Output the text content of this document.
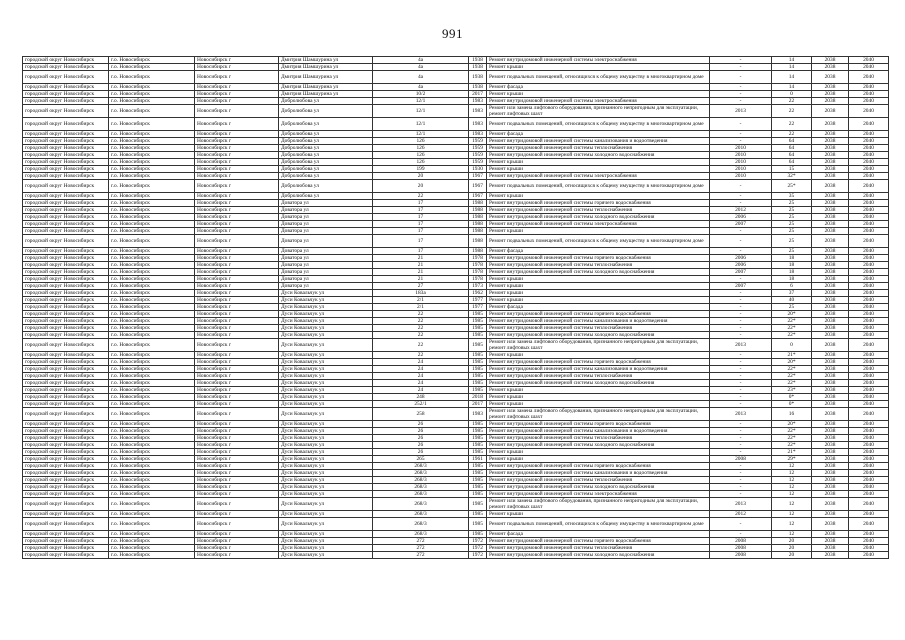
991
городской округ Новосибирск	г.о. Новосибирск	Новосибирск г	Дмитрия Шамшурина ул	4а	1938	Ремонт внутридомовой инженерной системы электроснабжения	-	14	2038	2040
городской округ Новосибирск	г.о. Новосибирск	Новосибирск г	Дмитрия Шамшурина ул	4а	1938	Ремонт крыши	-	14	2038	2040
городской округ Новосибирск	г.о. Новосибирск	Новосибирск г	Дмитрия Шамшурина ул	4а	1938	Ремонт подвальных помещений, относящихся к общему имуществу в многоквартирном доме	-	14	2038	2040
городской округ Новосибирск	г.о. Новосибирск	Новосибирск г	Дмитрия Шамшурина ул	4а	1938	Ремонт фасада	-	14	2038	2040
городской округ Новосибирск	г.о. Новосибирск	Новосибирск г	Дмитрия Шамшурина ул	10/2	2017	Ремонт крыши	-	0	2038	2040
городской округ Новосибирск	г.о. Новосибирск	Новосибирск г	Добролюбова ул	12/1	1983	Ремонт внутридомовой инженерной системы электроснабжения	-	22	2038	2040
городской округ Новосибирск	г.о. Новосибирск	Новосибирск г	Добролюбова ул	12/1	1983	Ремонт или замена лифтового оборудования, признанного непригодным для эксплуатации, ремонт лифтовых шахт	2013	22	2038	2040
городской округ Новосибирск	г.о. Новосибирск	Новосибирск г	Добролюбова ул	12/1	1983	Ремонт подвальных помещений, относящихся к общему имуществу в многоквартирном доме	-	22	2038	2040
городской округ Новосибирск	г.о. Новосибирск	Новосибирск г	Добролюбова ул	12/1	1983	Ремонт фасада	-	22	2038	2040
городской округ Новосибирск	г.о. Новосибирск	Новосибирск г	Добролюбова ул	126	1959	Ремонт внутридомовой инженерной системы канализования и водоотведения	-	64	2038	2040
городской округ Новосибирск	г.о. Новосибирск	Новосибирск г	Добролюбова ул	126	1959	Ремонт внутридомовой инженерной системы теплоснабжения	2010	64	2038	2040
городской округ Новосибирск	г.о. Новосибирск	Новосибирск г	Добролюбова ул	126	1959	Ремонт внутридомовой инженерной системы холодного водоснабжения	2010	64	2038	2040
городской округ Новосибирск	г.о. Новосибирск	Новосибирск г	Добролюбова ул	126	1959	Ремонт крыши	2010	64	2038	2040
городской округ Новосибирск	г.о. Новосибирск	Новосибирск г	Добролюбова ул	199	1930	Ремонт крыши	2010	15	2038	2040
городской округ Новосибирск	г.о. Новосибирск	Новосибирск г	Добролюбова ул	20	1967	Ремонт внутридомовой инженерной системы электроснабжения	2010	32*	2038	2040
городской округ Новосибирск	г.о. Новосибирск	Новосибирск г	Добролюбова ул	20	1967	Ремонт подвальных помещений, относящихся к общему имуществу в многоквартирном доме	-	25*	2038	2040
городской округ Новосибирск	г.о. Новосибирск	Новосибирск г	Добролюбова ул	22	1967	Ремонт крыши	-	35	2038	2040
городской округ Новосибирск	г.о. Новосибирск	Новосибирск г	Доватора ул	17	1988	Ремонт внутридомовой инженерной системы горячего водоснабжения	-	25	2038	2040
городской округ Новосибирск	г.о. Новосибирск	Новосибирск г	Доватора ул	17	1988	Ремонт внутридомовой инженерной системы теплоснабжения	2012	25	2038	2040
городской округ Новосибирск	г.о. Новосибирск	Новосибирск г	Доватора ул	17	1988	Ремонт внутридомовой инженерной системы холодного водоснабжения	2006	25	2038	2040
городской округ Новосибирск	г.о. Новосибирск	Новосибирск г	Доватора ул	17	1988	Ремонт внутридомовой инженерной системы электроснабжения	2007	25	2038	2040
городской округ Новосибирск	г.о. Новосибирск	Новосибирск г	Доватора ул	17	1988	Ремонт крыши	-	25	2038	2040
городской округ Новосибирск	г.о. Новосибирск	Новосибирск г	Доватора ул	17	1988	Ремонт подвальных помещений, относящихся к общему имуществу в многоквартирном доме	-	25	2038	2040
городской округ Новосибирск	г.о. Новосибирск	Новосибирск г	Доватора ул	17	1988	Ремонт фасада	-	25	2038	2040
городской округ Новосибирск	г.о. Новосибирск	Новосибирск г	Доватора ул	21	1978	Ремонт внутридомовой инженерной системы горячего водоснабжения	2006	18	2038	2040
городской округ Новосибирск	г.о. Новосибирск	Новосибирск г	Доватора ул	21	1978	Ремонт внутридомовой инженерной системы теплоснабжения	2006	18	2038	2040
городской округ Новосибирск	г.о. Новосибирск	Новосибирск г	Доватора ул	21	1978	Ремонт внутридомовой инженерной системы холодного водоснабжения	2007	18	2038	2040
городской округ Новосибирск	г.о. Новосибирск	Новосибирск г	Доватора ул	21	1978	Ремонт крыши	-	18	2038	2040
городской округ Новосибирск	г.о. Новосибирск	Новосибирск г	Доватора ул	27	1973	Ремонт крыши	2007	6	2038	2040
городской округ Новосибирск	г.о. Новосибирск	Новосибирск г	Дуси Ковальчук ул	183а	1962	Ремонт крыши	-	37	2038	2040
городской округ Новосибирск	г.о. Новосибирск	Новосибирск г	Дуси Ковальчук ул	2/1	1977	Ремонт крыши	-	40	2038	2040
городской округ Новосибирск	г.о. Новосибирск	Новосибирск г	Дуси Ковальчук ул	2/1	1977	Ремонт фасада	-	25	2038	2040
городской округ Новосибирск	г.о. Новосибирск	Новосибирск г	Дуси Ковальчук ул	22	1985	Ремонт внутридомовой инженерной системы горячего водоснабжения	-	20*	2038	2040
городской округ Новосибирск	г.о. Новосибирск	Новосибирск г	Дуси Ковальчук ул	22	1985	Ремонт внутридомовой инженерной системы канализования и водоотведения	-	22*	2038	2040
городской округ Новосибирск	г.о. Новосибирск	Новосибирск г	Дуси Ковальчук ул	22	1985	Ремонт внутридомовой инженерной системы теплоснабжения	-	22*	2038	2040
городской округ Новосибирск	г.о. Новосибирск	Новосибирск г	Дуси Ковальчук ул	22	1985	Ремонт внутридомовой инженерной системы холодного водоснабжения	-	22*	2038	2040
городской округ Новосибирск	г.о. Новосибирск	Новосибирск г	Дуси Ковальчук ул	22	1985	Ремонт или замена лифтового оборудования, признанного непригодным для эксплуатации, ремонт лифтовых шахт	2013	0	2038	2040
городской округ Новосибирск	г.о. Новосибирск	Новосибирск г	Дуси Ковальчук ул	22	1985	Ремонт крыши	-	21*	2038	2040
городской округ Новосибирск	г.о. Новосибирск	Новосибирск г	Дуси Ковальчук ул	24	1985	Ремонт внутридомовой инженерной системы горячего водоснабжения	-	20*	2038	2040
городской округ Новосибирск	г.о. Новосибирск	Новосибирск г	Дуси Ковальчук ул	24	1985	Ремонт внутридомовой инженерной системы канализования и водоотведения	-	22*	2038	2040
городской округ Новосибирск	г.о. Новосибирск	Новосибирск г	Дуси Ковальчук ул	24	1985	Ремонт внутридомовой инженерной системы теплоснабжения	-	22*	2038	2040
городской округ Новосибирск	г.о. Новосибирск	Новосибирск г	Дуси Ковальчук ул	24	1985	Ремонт внутридомовой инженерной системы холодного водоснабжения	-	22*	2038	2040
городской округ Новосибирск	г.о. Новосибирск	Новосибирск г	Дуси Ковальчук ул	24	1985	Ремонт крыши	-	23*	2038	2040
городской округ Новосибирск	г.о. Новосибирск	Новосибирск г	Дуси Ковальчук ул	248	2018	Ремонт крыши	-	0*	2038	2040
городской округ Новосибирск	г.о. Новосибирск	Новосибирск г	Дуси Ковальчук ул	252/1	2017	Ремонт крыши	-	0*	2038	2040
городской округ Новосибирск	г.о. Новосибирск	Новосибирск г	Дуси Ковальчук ул	258	1983	Ремонт или замена лифтового оборудования, признанного непригодным для эксплуатации, ремонт лифтовых шахт	2013	16	2038	2040
городской округ Новосибирск	г.о. Новосибирск	Новосибирск г	Дуси Ковальчук ул	26	1985	Ремонт внутридомовой инженерной системы горячего водоснабжения	-	20*	2038	2040
городской округ Новосибирск	г.о. Новосибирск	Новосибирск г	Дуси Ковальчук ул	26	1985	Ремонт внутридомовой инженерной системы канализования и водоотведения	-	22*	2038	2040
городской округ Новосибирск	г.о. Новосибирск	Новосибирск г	Дуси Ковальчук ул	26	1985	Ремонт внутридомовой инженерной системы теплоснабжения	-	22*	2038	2040
городской округ Новосибирск	г.о. Новосибирск	Новосибирск г	Дуси Ковальчук ул	26	1985	Ремонт внутридомовой инженерной системы холодного водоснабжения	-	22*	2038	2040
городской округ Новосибирск	г.о. Новосибирск	Новосибирск г	Дуси Ковальчук ул	26	1985	Ремонт крыши	-	21*	2038	2040
городской округ Новосибирск	г.о. Новосибирск	Новосибирск г	Дуси Ковальчук ул	265	1961	Ремонт крыши	2008	29*	2038	2040
городской округ Новосибирск	г.о. Новосибирск	Новосибирск г	Дуси Ковальчук ул	268/3	1985	Ремонт внутридомовой инженерной системы горячего водоснабжения	-	12	2038	2040
городской округ Новосибирск	г.о. Новосибирск	Новосибирск г	Дуси Ковальчук ул	268/3	1985	Ремонт внутридомовой инженерной системы канализования и водоотведения	-	12	2038	2040
городской округ Новосибирск	г.о. Новосибирск	Новосибирск г	Дуси Ковальчук ул	268/3	1985	Ремонт внутридомовой инженерной системы теплоснабжения	-	12	2038	2040
городской округ Новосибирск	г.о. Новосибирск	Новосибирск г	Дуси Ковальчук ул	268/3	1985	Ремонт внутридомовой инженерной системы холодного водоснабжения	-	12	2038	2040
городской округ Новосибирск	г.о. Новосибирск	Новосибирск г	Дуси Ковальчук ул	268/3	1985	Ремонт внутридомовой инженерной системы электроснабжения	-	12	2038	2040
городской округ Новосибирск	г.о. Новосибирск	Новосибирск г	Дуси Ковальчук ул	268/3	1985	Ремонт или замена лифтового оборудования, признанного непригодным для эксплуатации, ремонт лифтовых шахт	2013	12	2038	2040
городской округ Новосибирск	г.о. Новосибирск	Новосибирск г	Дуси Ковальчук ул	268/3	1985	Ремонт крыши	2012	12	2038	2040
городской округ Новосибирск	г.о. Новосибирск	Новосибирск г	Дуси Ковальчук ул	268/3	1985	Ремонт подвальных помещений, относящихся к общему имуществу в многоквартирном доме	-	12	2038	2040
городской округ Новосибирск	г.о. Новосибирск	Новосибирск г	Дуси Ковальчук ул	268/3	1985	Ремонт фасада	-	12	2038	2040
городской округ Новосибирск	г.о. Новосибирск	Новосибирск г	Дуси Ковальчук ул	272	1972	Ремонт внутридомовой инженерной системы горячего водоснабжения	2008	20	2038	2040
городской округ Новосибирск	г.о. Новосибирск	Новосибирск г	Дуси Ковальчук ул	272	1972	Ремонт внутридомовой инженерной системы теплоснабжения	2008	20	2038	2040
городской округ Новосибирск	г.о. Новосибирск	Новосибирск г	Дуси Ковальчук ул	272	1972	Ремонт внутридомовой инженерной системы холодного водоснабжения	2008	20	2038	2040
